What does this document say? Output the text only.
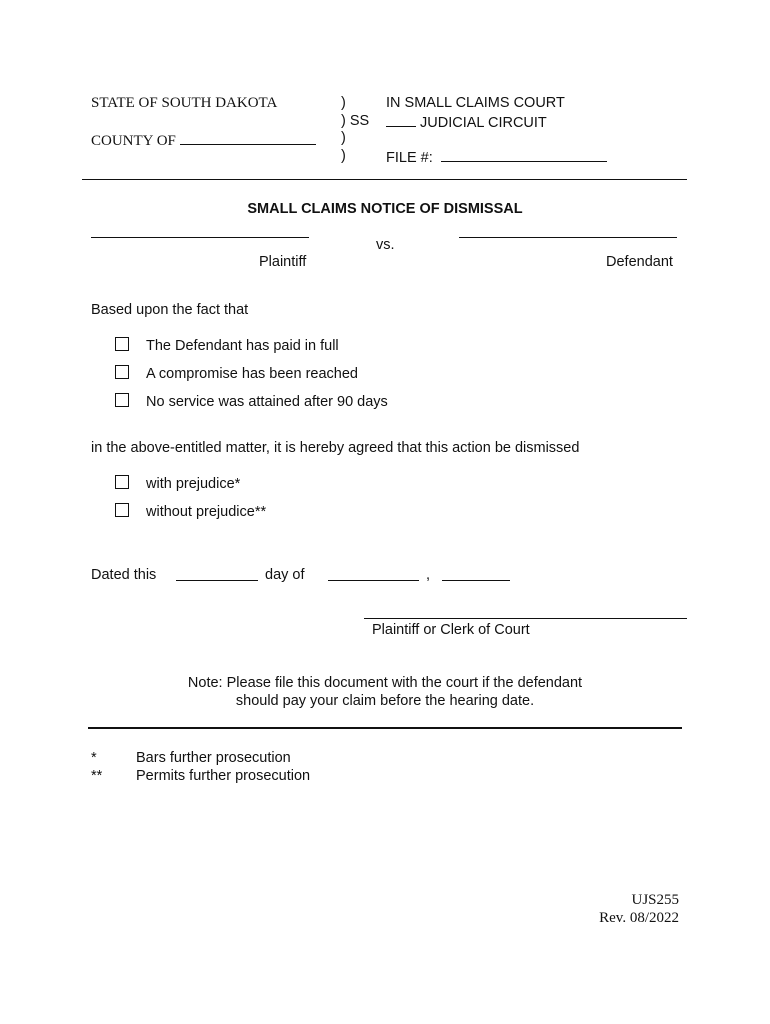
STATE OF SOUTH DAKOTA
COUNTY OF
)
) SS
)
)
IN SMALL CLAIMS COURT
JUDICIAL CIRCUIT
FILE #:
SMALL CLAIMS NOTICE OF DISMISSAL
vs.
Plaintiff	Defendant
Based upon the fact that
The Defendant has paid in full
A compromise has been reached
No service was attained after 90 days
in the above-entitled matter, it is hereby agreed that this action be dismissed
with prejudice*
without prejudice**
Dated this	day of	,
Plaintiff or Clerk of Court
Note: Please file this document with the court if the defendant
should pay your claim before the hearing date.
*	Bars further prosecution
** Permits further prosecution
UJS255
Rev. 08/2022
